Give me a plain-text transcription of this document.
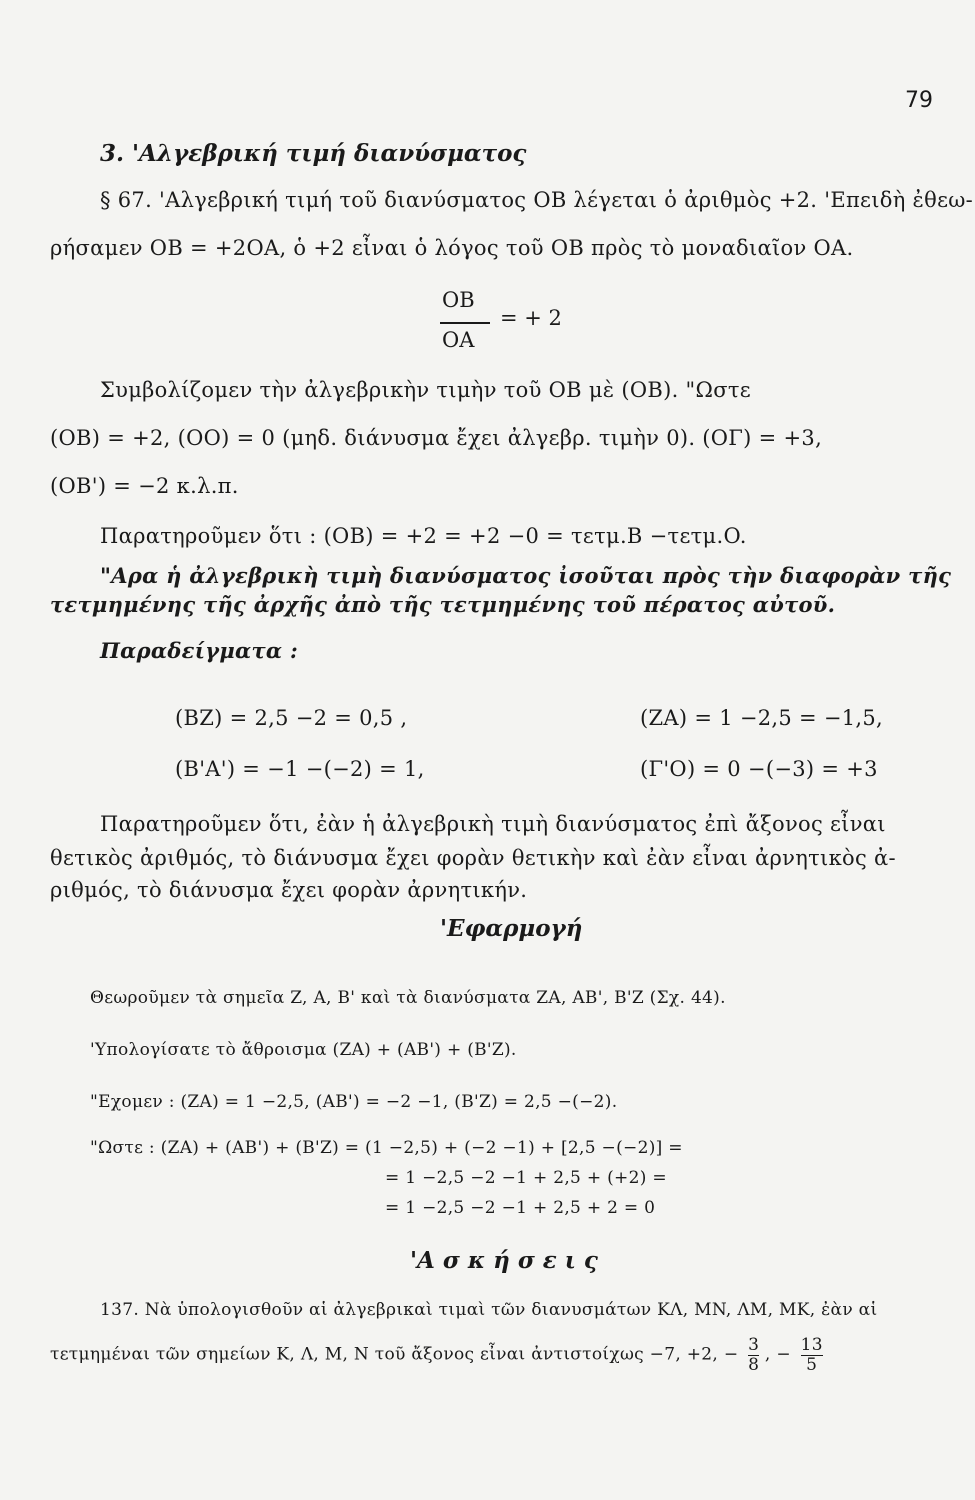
79
3. 'Αλγεβρική τιμή διανύσματος
§ 67. 'Αλγεβρική τιμή τοῦ διανύσματος OB λέγεται ὁ ἀριθμὸς +2. 'Επειδὴ ἐθεω-
ρήσαμεν OB = +2OA, ὁ +2 εἶναι ὁ λόγος τοῦ OB πρὸς τὸ μοναδιαῖον OA.
OB
OA
= + 2
Συμβολίζομεν τὴν ἀλγεβρικὴν τιμὴν τοῦ OB μὲ (OB). "Ωστε
(OB) = +2, (OO) = 0 (μηδ. διάνυσμα ἔχει ἀλγεβρ. τιμὴν 0). (OΓ) = +3,
(OB') = −2 κ.λ.π.
Παρατηροῦμεν ὅτι : (OB) = +2 = +2 −0 = τετμ.B −τετμ.O.
"Αρα ἡ ἀλγεβρικὴ τιμὴ διανύσματος ἰσοῦται πρὸς τὴν διαφορὰν τῆς
τετμημένης τῆς ἀρχῆς ἀπὸ τῆς τετμημένης τοῦ πέρατος αὐτοῦ.
Παραδείγματα :
(BZ) = 2,5 −2 = 0,5 ,	(ZA) = 1 −2,5 = −1,5,
(B'A') = −1 −(−2) = 1,	(Γ'O) = 0 −(−3) = +3
Παρατηροῦμεν ὅτι, ἐὰν ἡ ἀλγεβρικὴ τιμὴ διανύσματος ἐπὶ ἄξονος εἶναι
θετικὸς ἀριθμός, τὸ διάνυσμα ἔχει φορὰν θετικὴν καὶ ἐὰν εἶναι ἀρνητικὸς ἀ-
ριθμός, τὸ διάνυσμα ἔχει φορὰν ἀρνητικήν.
'Εφαρμογή
Θεωροῦμεν τὰ σημεῖα Z, A, B' καὶ τὰ διανύσματα ZA, AB', B'Z (Σχ. 44).
'Υπολογίσατε τὸ ἄθροισμα (ZA) + (AB') + (B'Z).
"Εχομεν : (ZA) = 1 −2,5, (AB') = −2 −1, (B'Z) = 2,5 −(−2).
"Ωστε : (ZA) + (AB') + (B'Z) = (1 −2,5) + (−2 −1) + [2,5 −(−2)] =
= 1 −2,5 −2 −1 + 2,5 + (+2) =
= 1 −2,5 −2 −1 + 2,5 + 2 = 0
'Α σ κ ή σ ε ι ς
137. Νὰ ὑπολογισθοῦν αἱ ἀλγεβρικαὶ τιμαὶ τῶν διανυσμάτων KΛ, MN, ΛM, MK, ἐὰν αἱ
τετμημέναι τῶν σημείων K, Λ, M, N τοῦ ἄξονος εἶναι ἀντιστοίχως −7, +2, − $\frac{3}{8}$ , − $\frac{13}{5}$
